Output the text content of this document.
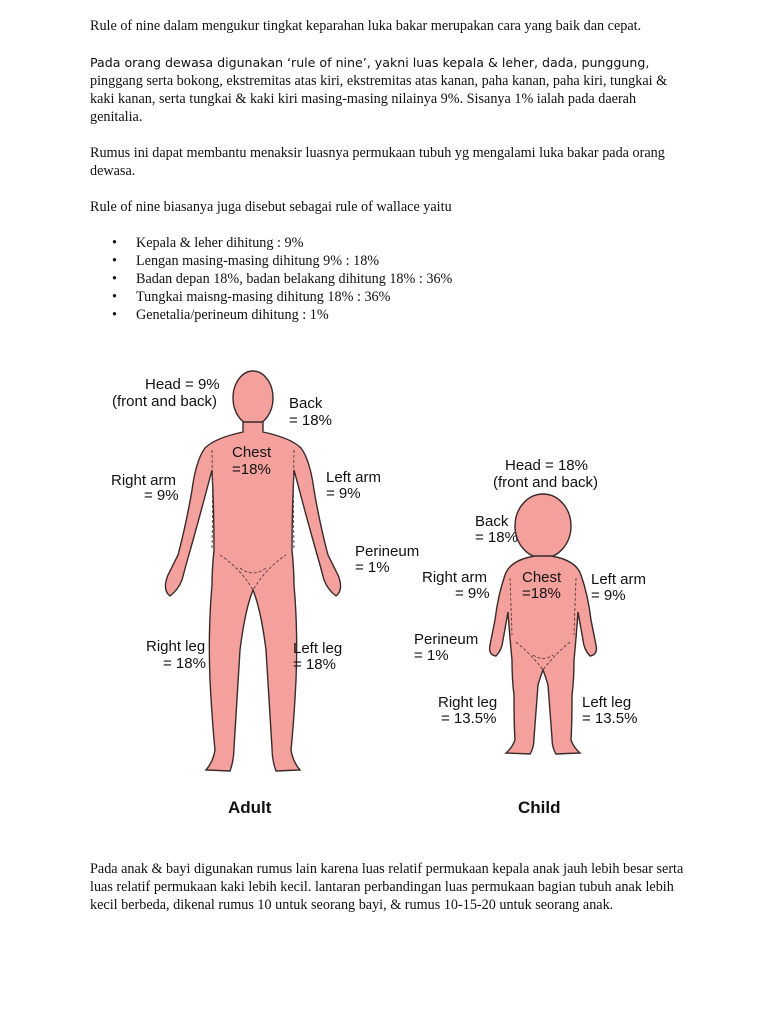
Rule of nine dalam mengukur tingkat keparahan luka bakar merupakan cara yang baik dan cepat.

Pada orang dewasa digunakan ‘rule of nine’, yakni luas kepala & leher, dada, punggung,
pinggang serta bokong, ekstremitas atas kiri, ekstremitas atas kanan, paha kanan, paha kiri, tungkai & kaki kanan, serta tungkai & kaki kiri masing-masing nilainya 9%. Sisanya 1% ialah pada daerah genitalia.

Rumus ini dapat membantu menaksir luasnya permukaan tubuh yg mengalami luka bakar pada orang dewasa.

Rule of nine biasanya juga disebut sebagai rule of wallace yaitu

• Kepala & leher dihitung : 9%
• Lengan masing-masing dihitung 9% : 18%
• Badan depan 18%, badan belakang dihitung 18% : 36%
• Tungkai maisng-masing dihitung 18% : 36%
• Genetalia/perineum dihitung : 1%
Head = 9%
(front and back)	Back
= 18%
Chest
=18%
Right arm
= 9%
Left arm
= 9%
Perineum
= 1%
Right leg
= 18%
Left leg
= 18%
Adult
Head = 18%
(front and back)
Back
= 18%
Chest
=18%
Right arm
= 9%
Left arm
= 9%
Perineum
= 1%
Right leg
= 13.5%
Left leg
= 13.5%
Child

Pada anak & bayi digunakan rumus lain karena luas relatif permukaan kepala anak jauh lebih besar serta luas relatif permukaan kaki lebih kecil. lantaran perbandingan luas permukaan bagian tubuh anak lebih kecil berbeda, dikenal rumus 10 untuk seorang bayi, & rumus 10-15-20 untuk seorang anak.
